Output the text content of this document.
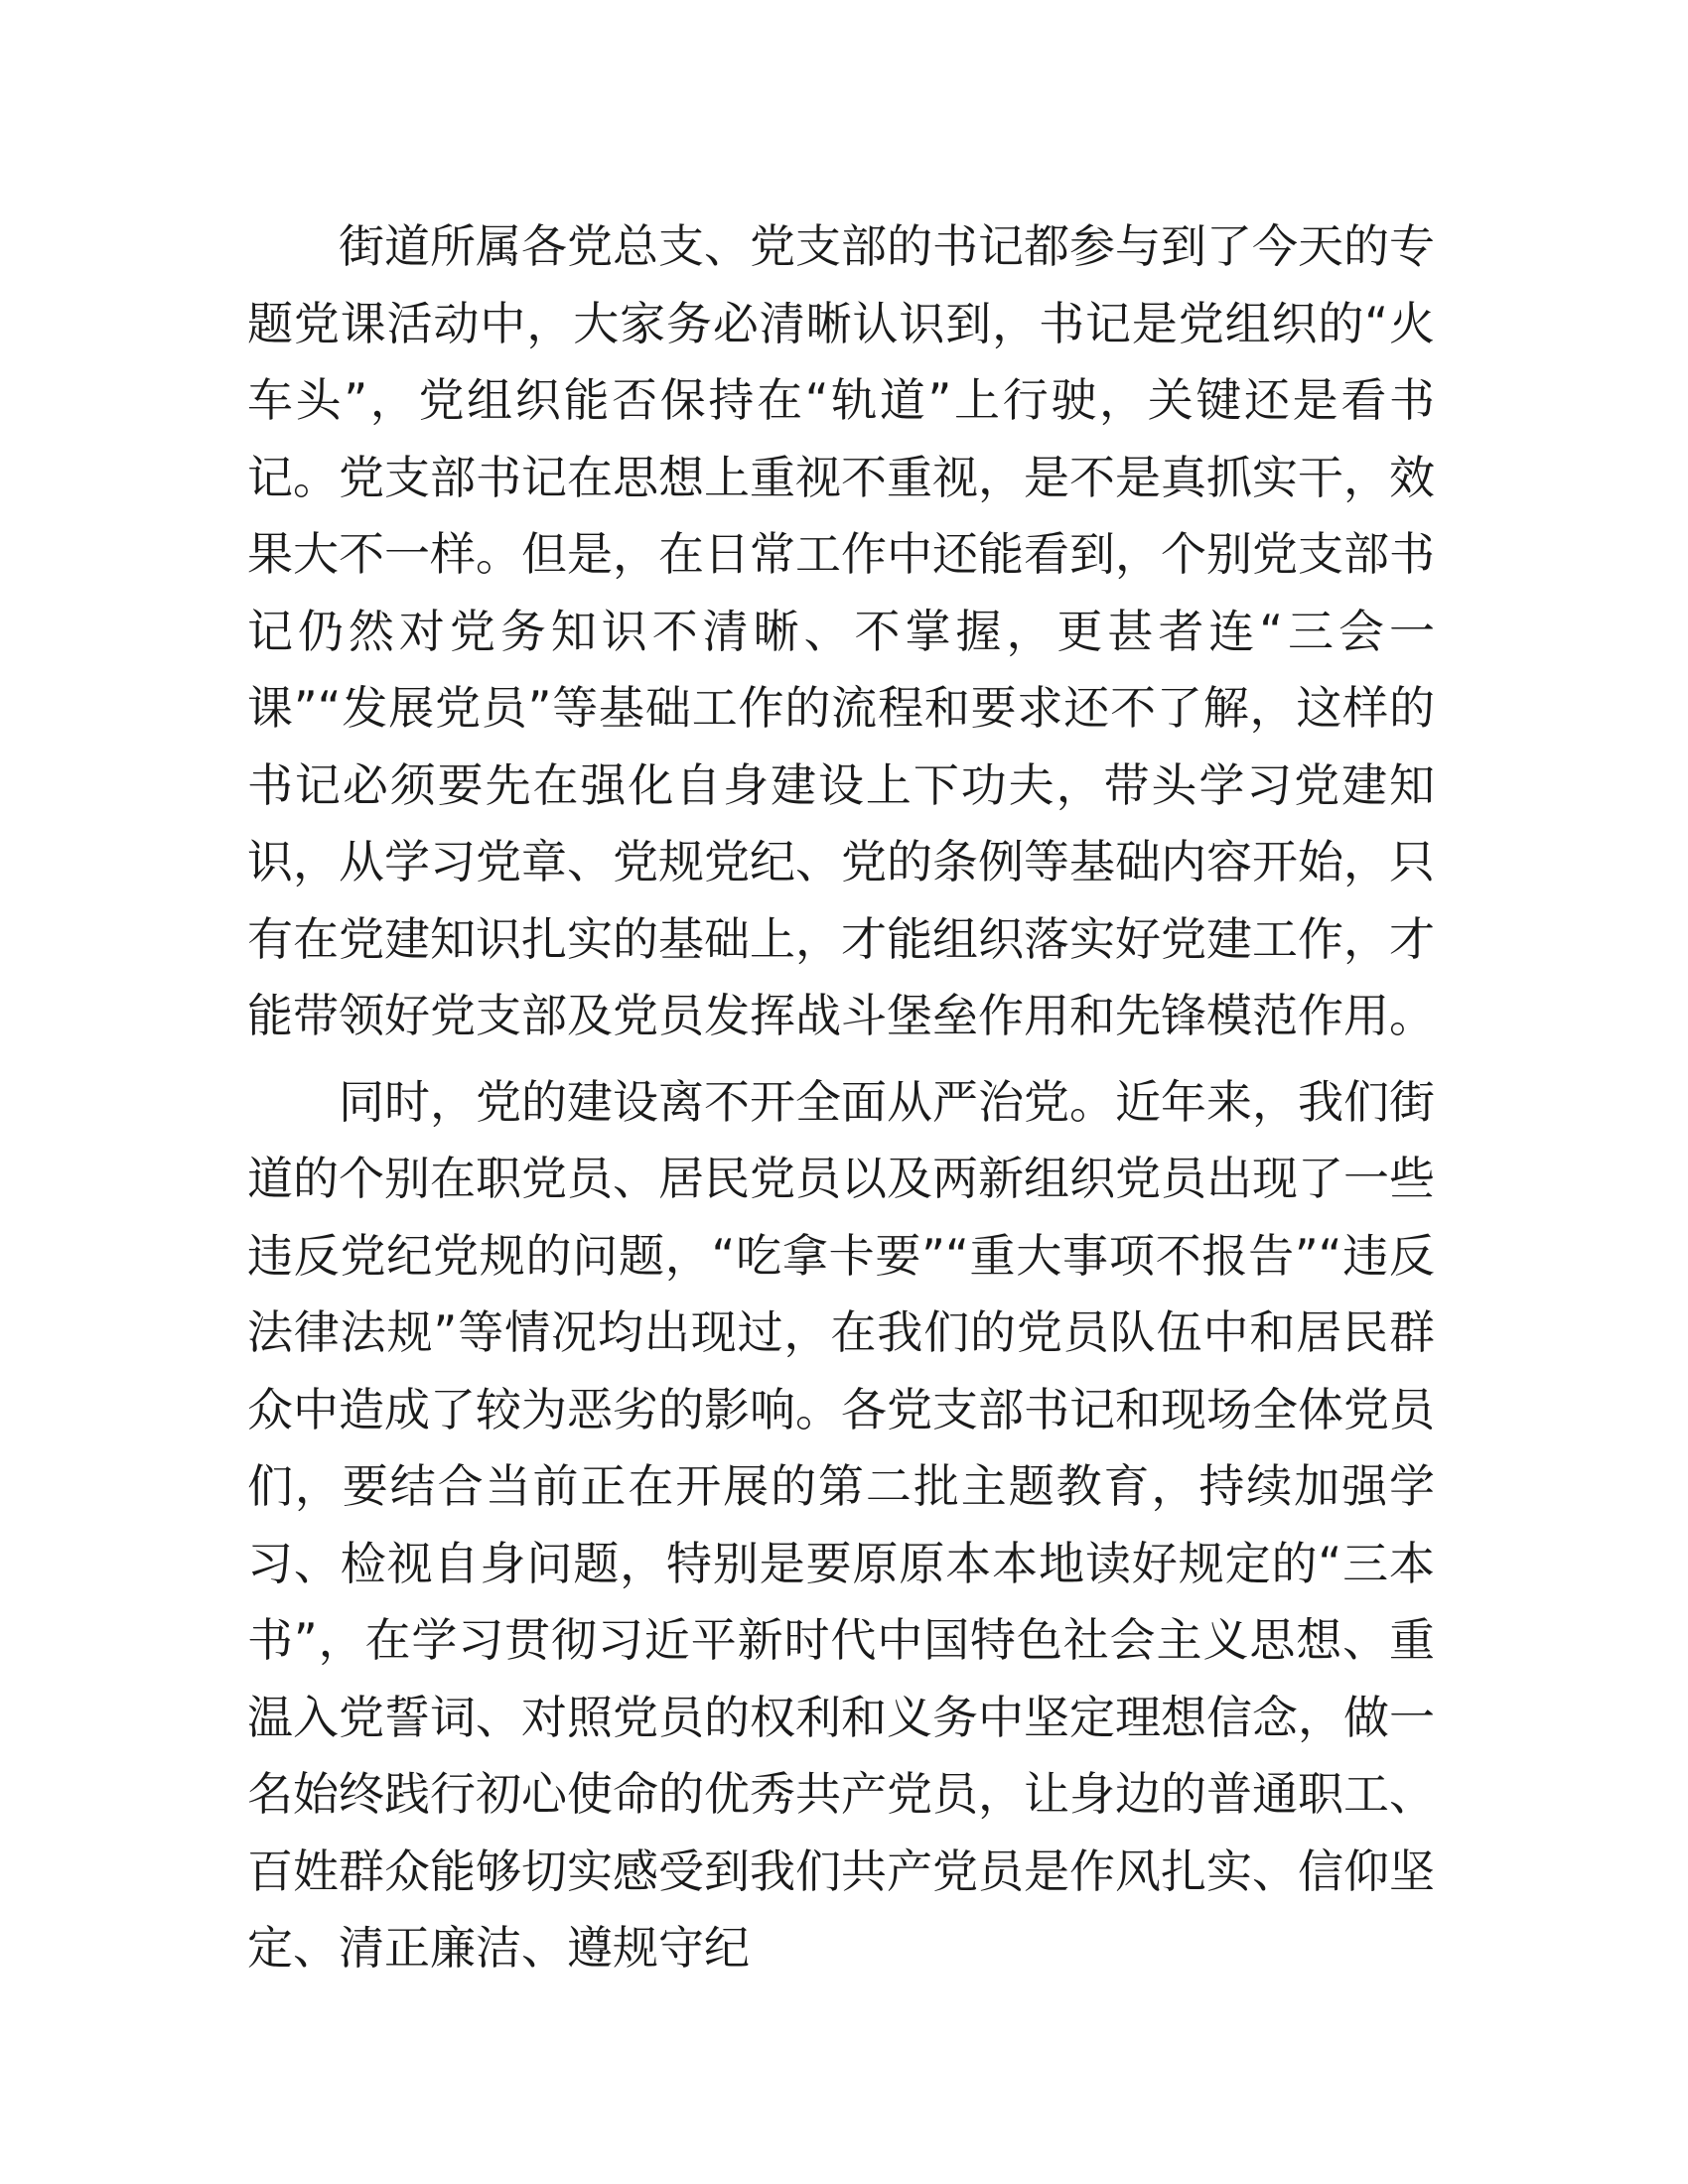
街道所属各党总支、党支部的书记都参与到了今天的专题党课活动中，大家务必清晰认识到，书记是党组织的“火车头”，党组织能否保持在“轨道”上行驶，关键还是看书记。党支部书记在思想上重视不重视，是不是真抓实干，效果大不一样。但是，在日常工作中还能看到，个别党支部书记仍然对党务知识不清晰、不掌握，更甚者连“三会一课”“发展党员”等基础工作的流程和要求还不了解，这样的书记必须要先在强化自身建设上下功夫，带头学习党建知识，从学习党章、党规党纪、党的条例等基础内容开始，只有在党建知识扎实的基础上，才能组织落实好党建工作，才能带领好党支部及党员发挥战斗堡垒作用和先锋模范作用。

同时，党的建设离不开全面从严治党。近年来，我们街道的个别在职党员、居民党员以及两新组织党员出现了一些违反党纪党规的问题，“吃拿卡要”“重大事项不报告”“违反法律法规”等情况均出现过，在我们的党员队伍中和居民群众中造成了较为恶劣的影响。各党支部书记和现场全体党员们，要结合当前正在开展的第二批主题教育，持续加强学习、检视自身问题，特别是要原原本本地读好规定的“三本书”，在学习贯彻习近平新时代中国特色社会主义思想、重温入党誓词、对照党员的权利和义务中坚定理想信念，做一名始终践行初心使命的优秀共产党员，让身边的普通职工、百姓群众能够切实感受到我们共产党员是作风扎实、信仰坚定、清正廉洁、遵规守纪
